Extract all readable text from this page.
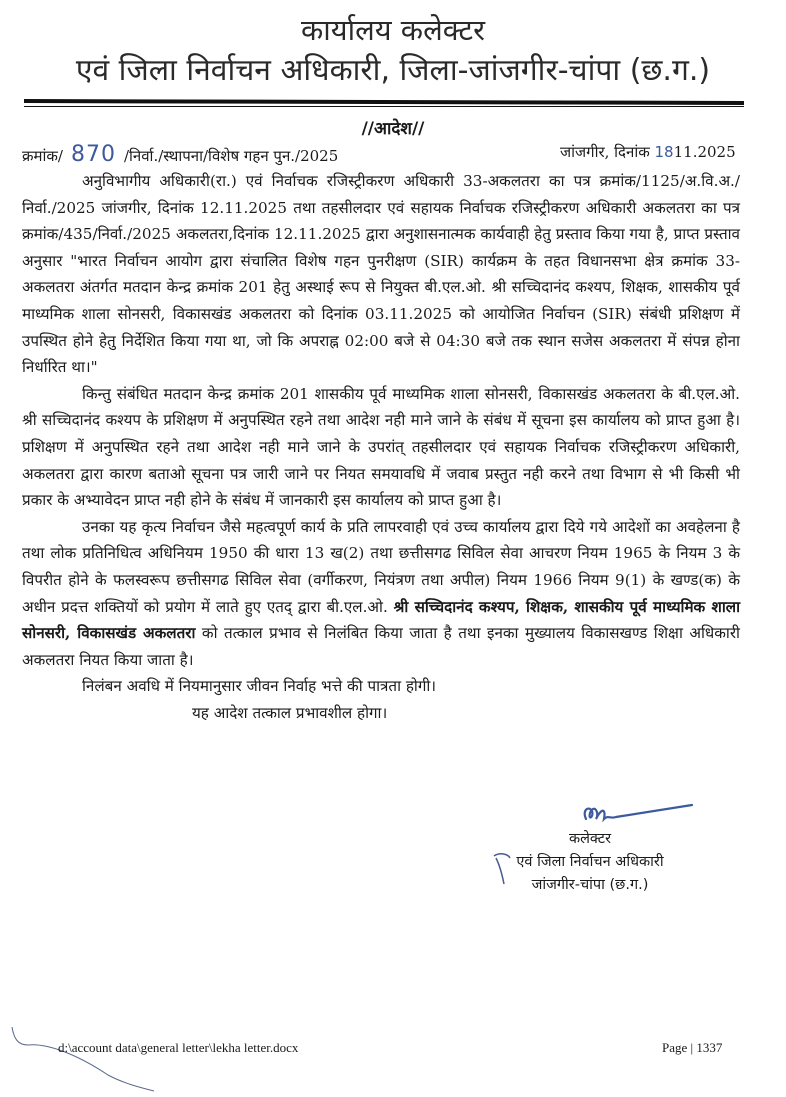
कार्यालय कलेक्टर
एवं जिला निर्वाचन अधिकारी, जिला-जांजगीर-चांपा (छ.ग.)
//आदेश//
क्रमांक/ 870 /निर्वा./स्थापना/विशेष गहन पुन./2025	जांजगीर, दिनांक 1811.2025

अनुविभागीय अधिकारी(रा.) एवं निर्वाचक रजिस्ट्रीकरण अधिकारी 33-अकलतरा का पत्र क्रमांक/1125/अ.वि.अ./निर्वा./2025 जांजगीर, दिनांक 12.11.2025 तथा तहसीलदार एवं सहायक निर्वाचक रजिस्ट्रीकरण अधिकारी अकलतरा का पत्र क्रमांक/435/निर्वा./2025 अकलतरा,दिनांक 12.11.2025 द्वारा अनुशासनात्मक कार्यवाही हेतु प्रस्ताव किया गया है, प्राप्त प्रस्ताव अनुसार "भारत निर्वाचन आयोग द्वारा संचालित विशेष गहन पुनरीक्षण (SIR) कार्यक्रम के तहत विधानसभा क्षेत्र क्रमांक 33-अकलतरा अंतर्गत मतदान केन्द्र क्रमांक 201 हेतु अस्थाई रूप से नियुक्त बी.एल.ओ. श्री सच्चिदानंद कश्यप, शिक्षक, शासकीय पूर्व माध्यमिक शाला सोनसरी, विकासखंड अकलतरा को दिनांक 03.11.2025 को आयोजित निर्वाचन (SIR) संबंधी प्रशिक्षण में उपस्थित होने हेतु निर्देशित किया गया था, जो कि अपराह्न 02:00 बजे से 04:30 बजे तक स्थान सजेस अकलतरा में संपन्न होना निर्धारित था।"

किन्तु संबंधित मतदान केन्द्र क्रमांक 201 शासकीय पूर्व माध्यमिक शाला सोनसरी, विकासखंड अकलतरा के बी.एल.ओ. श्री सच्चिदानंद कश्यप के प्रशिक्षण में अनुपस्थित रहने तथा आदेश नही माने जाने के संबंध में सूचना इस कार्यालय को प्राप्त हुआ है। प्रशिक्षण में अनुपस्थित रहने तथा आदेश नही माने जाने के उपरांत् तहसीलदार एवं सहायक निर्वाचक रजिस्ट्रीकरण अधिकारी, अकलतरा द्वारा कारण बताओ सूचना पत्र जारी जाने पर नियत समयावधि में जवाब प्रस्तुत नही करने तथा विभाग से भी किसी भी प्रकार के अभ्यावेदन प्राप्त नही होने के संबंध में जानकारी इस कार्यालय को प्राप्त हुआ है।

उनका यह कृत्य निर्वाचन जैसे महत्वपूर्ण कार्य के प्रति लापरवाही एवं उच्च कार्यालय द्वारा दिये गये आदेशों का अवहेलना है तथा लोक प्रतिनिधित्व अधिनियम 1950 की धारा 13 ख(2) तथा छत्तीसगढ सिविल सेवा आचरण नियम 1965 के नियम 3 के विपरीत होने के फलस्वरूप छत्तीसगढ सिविल सेवा (वर्गीकरण, नियंत्रण तथा अपील) नियम 1966 नियम 9(1) के खण्ड(क) के अधीन प्रदत्त शक्तियों को प्रयोग में लाते हुए एतद् द्वारा बी.एल.ओ. श्री सच्चिदानंद कश्यप, शिक्षक, शासकीय पूर्व माध्यमिक शाला सोनसरी, विकासखंड अकलतरा को तत्काल प्रभाव से निलंबित किया जाता है तथा इनका मुख्यालय विकासखण्ड शिक्षा अधिकारी अकलतरा नियत किया जाता है।

निलंबन अवधि में नियमानुसार जीवन निर्वाह भत्ते की पात्रता होगी।

यह आदेश तत्काल प्रभावशील होगा।

कलेक्टर
एवं जिला निर्वाचन अधिकारी
जांजगीर-चांपा (छ.ग.)
d:\account data\general letter\lekha letter.docx	Page | 1337
